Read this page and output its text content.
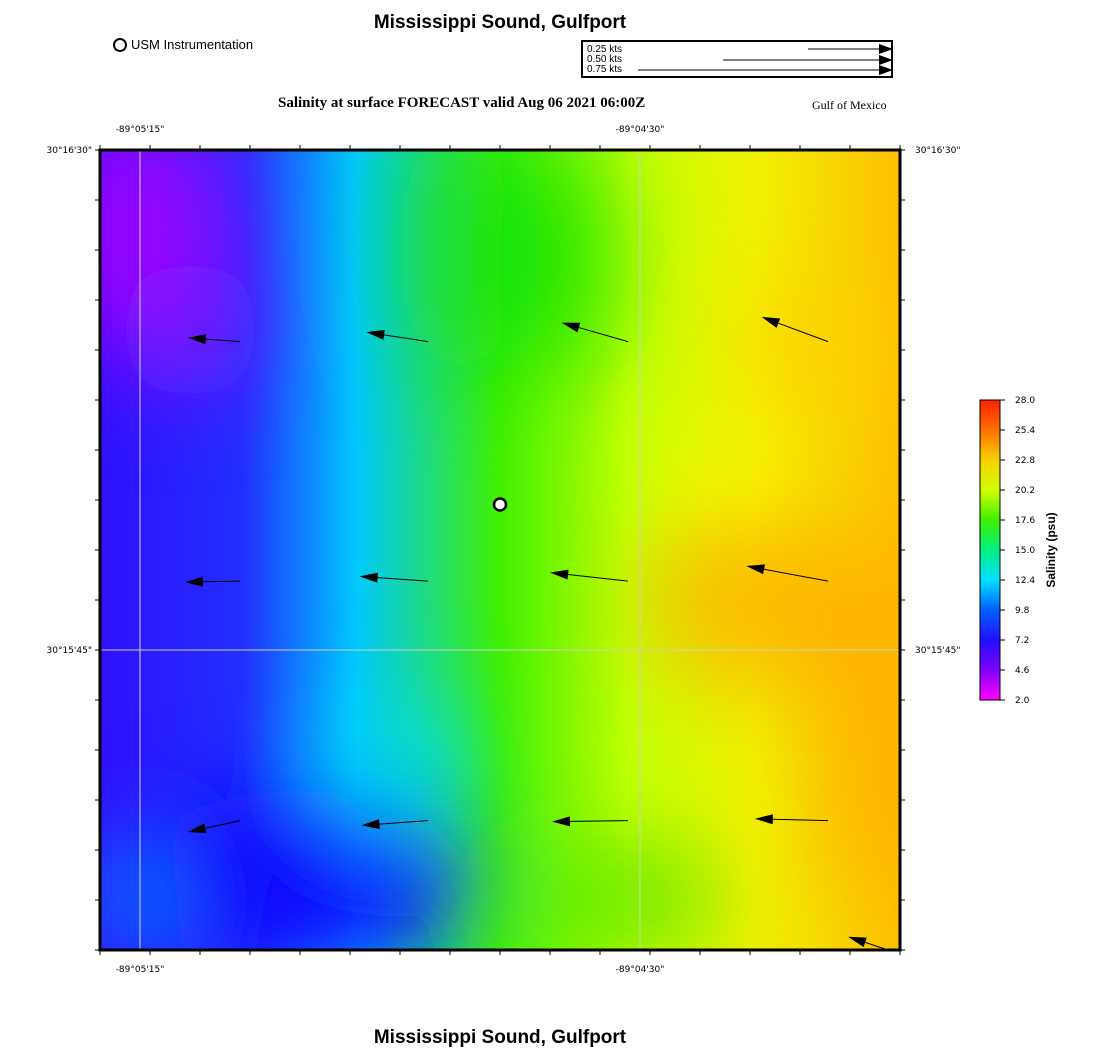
Mississippi Sound, Gulfport
USM Instrumentation	0.25 kts
0.50 kts
0.75 kts
Salinity at surface FORECAST valid Aug 06 2021 06:00Z	Gulf of Mexico
Mississippi Sound, Gulfport
-89°05'15"	-89°04'30"
-89°05'15"	-89°04'30"
30°16'30"
30°15'45"
30°16'30"
30°15'45"
28.0
25.4
22.8
20.2
17.6
15.0
12.4
9.8
7.2
4.6
2.0
Salinity (psu)
